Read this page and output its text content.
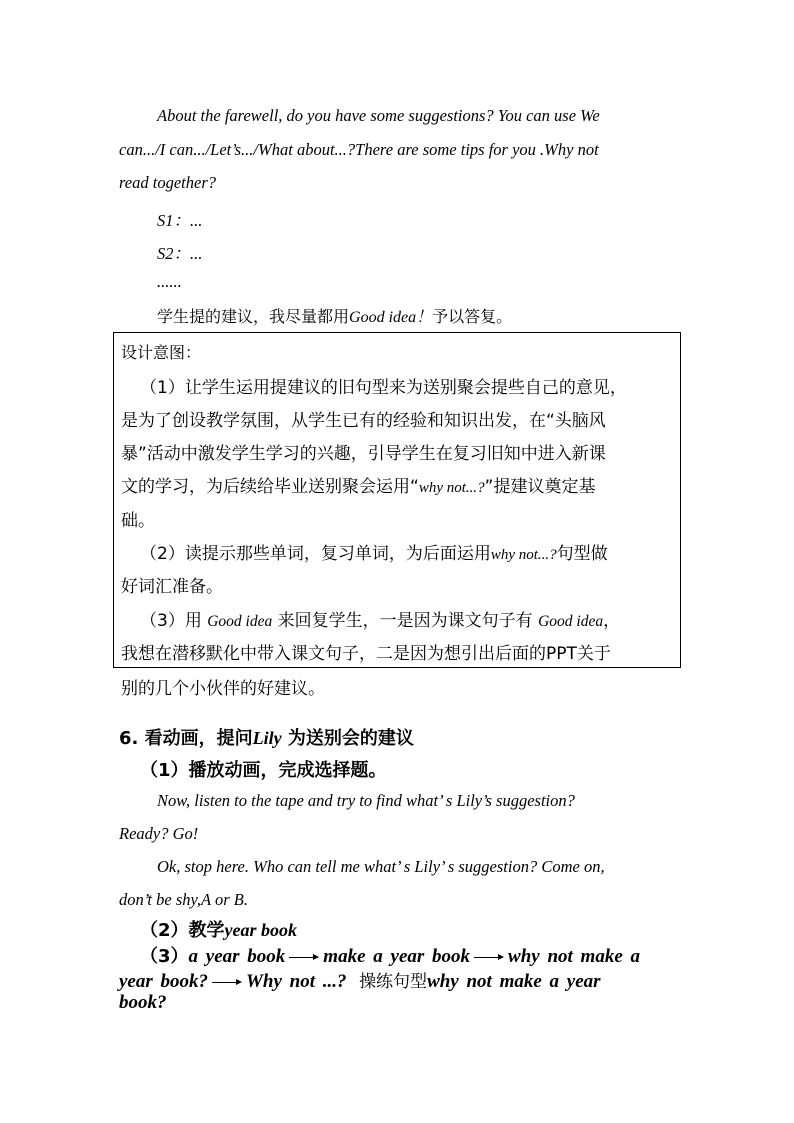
About the farewell, do you have some suggestions? You can use We
can.../I can.../Let’s.../What about...?There are some tips for you .Why not
read together?
S1：...
S2：...
......
学生提的建议，我尽量都用Good idea！予以答复。
设计意图：
（1）让学生运用提建议的旧句型来为送别聚会提些自己的意见，
是为了创设教学氛围，从学生已有的经验和知识出发，在“头脑风
暴”活动中激发学生学习的兴趣，引导学生在复习旧知中进入新课
文的学习，为后续给毕业送别聚会运用“why not...?”提建议奠定基
础。
（2）读提示那些单词，复习单词，为后面运用why not...?句型做
好词汇准备。
（3）用 Good idea 来回复学生，一是因为课文句子有 Good idea，
我想在潜移默化中带入课文句子，二是因为想引出后面的PPT关于
别的几个小伙伴的好建议。
6. 看动画，提问Lily 为送别会的建议
（1）播放动画，完成选择题。
Now, listen to the tape and try to find what’ s Lily’s suggestion?
Ready? Go!
Ok, stop here. Who can tell me what’ s Lily’ s suggestion? Come on,
don’t be shy,A or B.
（2）教学year book
（3）a year book make a year book why not make a
year book? Why not ...? 操练句型why not make a year
book?
